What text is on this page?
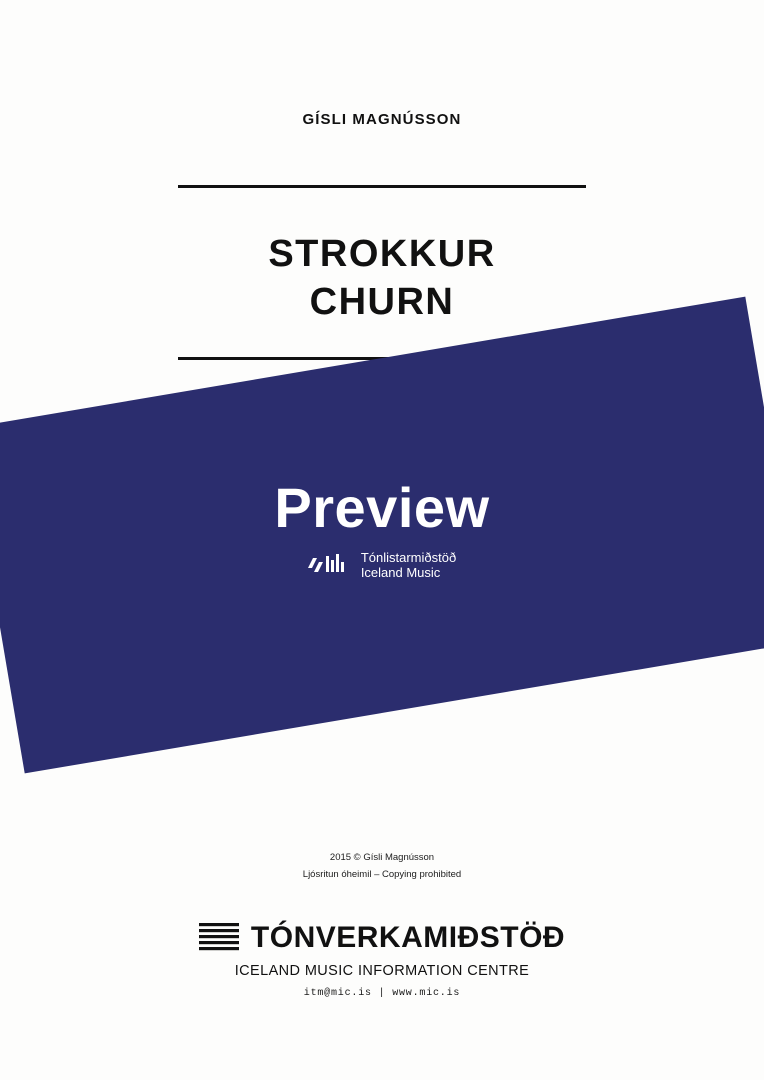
GÍSLI MAGNÚSSON
STROKKUR
CHURN
Preview
Tónlistarmiðstöð
Iceland Music
2015 © Gísli Magnússon
Ljósritun óheimil – Copying prohibited
TÓNVERKAMIÐSTÖÐ
ICELAND MUSIC INFORMATION CENTRE
itm@mic.is | www.mic.is
